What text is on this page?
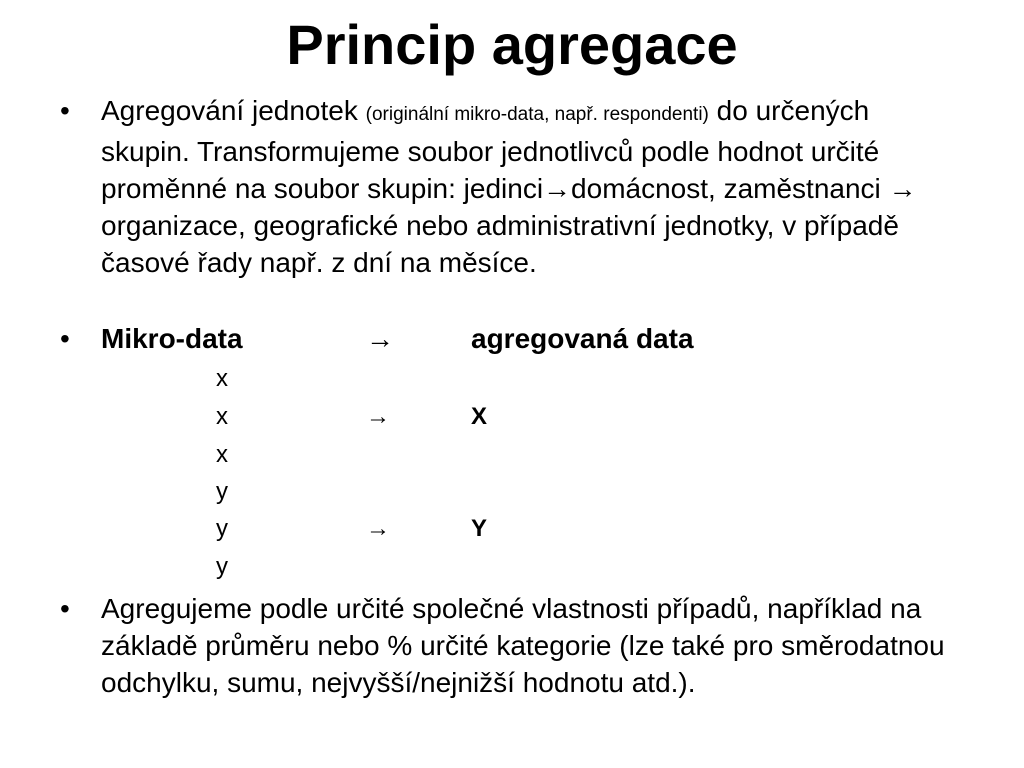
Princip agregace
• Agregování jednotek (originální mikro-data, např. respondenti) do určených skupin. Transformujeme soubor jednotlivců podle hodnot určité proměnné na soubor skupin: jedinci→domácnost, zaměstnanci → organizace, geografické nebo administrativní jednotky, v případě časové řady např. z dní na měsíce.
• Mikro-data	→	agregovaná data
x
x	→	X
x
y
y	→	Y
y
• Agregujeme podle určité společné vlastnosti případů, například na základě průměru nebo % určité kategorie (lze také pro směrodatnou odchylku, sumu, nejvyšší/nejnižší hodnotu atd.).
